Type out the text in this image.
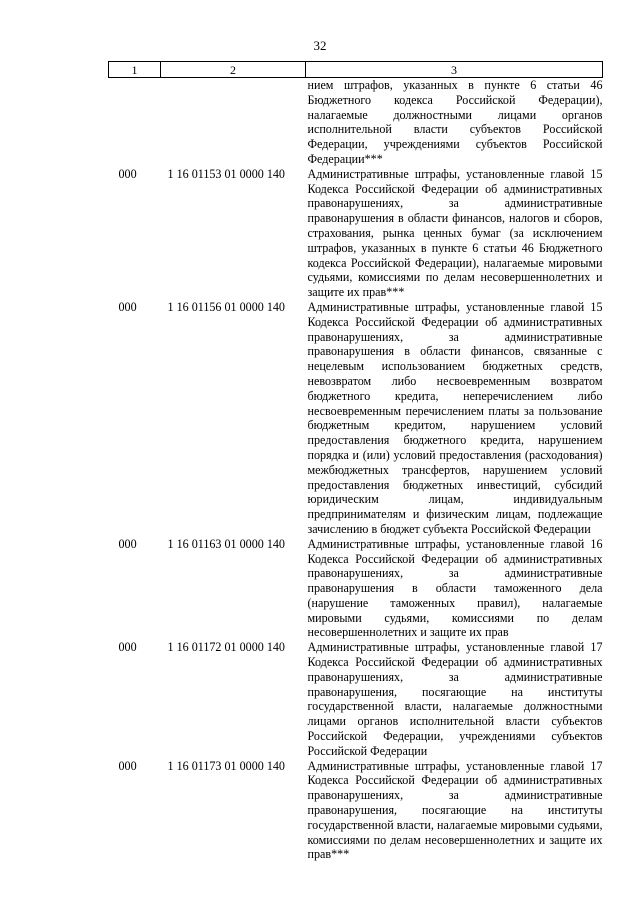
32
1	2	3
		нием штрафов, указанных в пункте 6 статьи 46 Бюджетного кодекса Российской Федерации), налагаемые должностными лицами органов исполнительной власти субъектов Российской Федерации, учреждениями субъектов Российской Федерации***
000	1 16 01153 01 0000 140	Административные штрафы, установленные главой 15 Кодекса Российской Федерации об административных правонарушениях, за административные правонарушения в области финансов, налогов и сборов, страхования, рынка ценных бумаг (за исключением штрафов, указанных в пункте 6 статьи 46 Бюджетного кодекса Российской Федерации), налагаемые мировыми судьями, комиссиями по делам несовершеннолетних и защите их прав***
000	1 16 01156 01 0000 140	Административные штрафы, установленные главой 15 Кодекса Российской Федерации об административных правонарушениях, за административные правонарушения в области финансов, связанные с нецелевым использованием бюджетных средств, невозвратом либо несвоевременным возвратом бюджетного кредита, неперечислением либо несвоевременным перечислением платы за пользование бюджетным кредитом, нарушением условий предоставления бюджетного кредита, нарушением порядка и (или) условий предоставления (расходования) межбюджетных трансфертов, нарушением условий предоставления бюджетных инвестиций, субсидий юридическим лицам, индивидуальным предпринимателям и физическим лицам, подлежащие зачислению в бюджет субъекта Российской Федерации
000	1 16 01163 01 0000 140	Административные штрафы, установленные главой 16 Кодекса Российской Федерации об административных правонарушениях, за административные правонарушения в области таможенного дела (нарушение таможенных правил), налагаемые мировыми судьями, комиссиями по делам несовершеннолетних и защите их прав
000	1 16 01172 01 0000 140	Административные штрафы, установленные главой 17 Кодекса Российской Федерации об административных правонарушениях, за административные правонарушения, посягающие на институты государственной власти, налагаемые должностными лицами органов исполнительной власти субъектов Российской Федерации, учреждениями субъектов Российской Федерации
000	1 16 01173 01 0000 140	Административные штрафы, установленные главой 17 Кодекса Российской Федерации об административных правонарушениях, за административные правонарушения, посягающие на институты государственной власти, налагаемые мировыми судьями, комиссиями по делам несовершеннолетних и защите их прав***
